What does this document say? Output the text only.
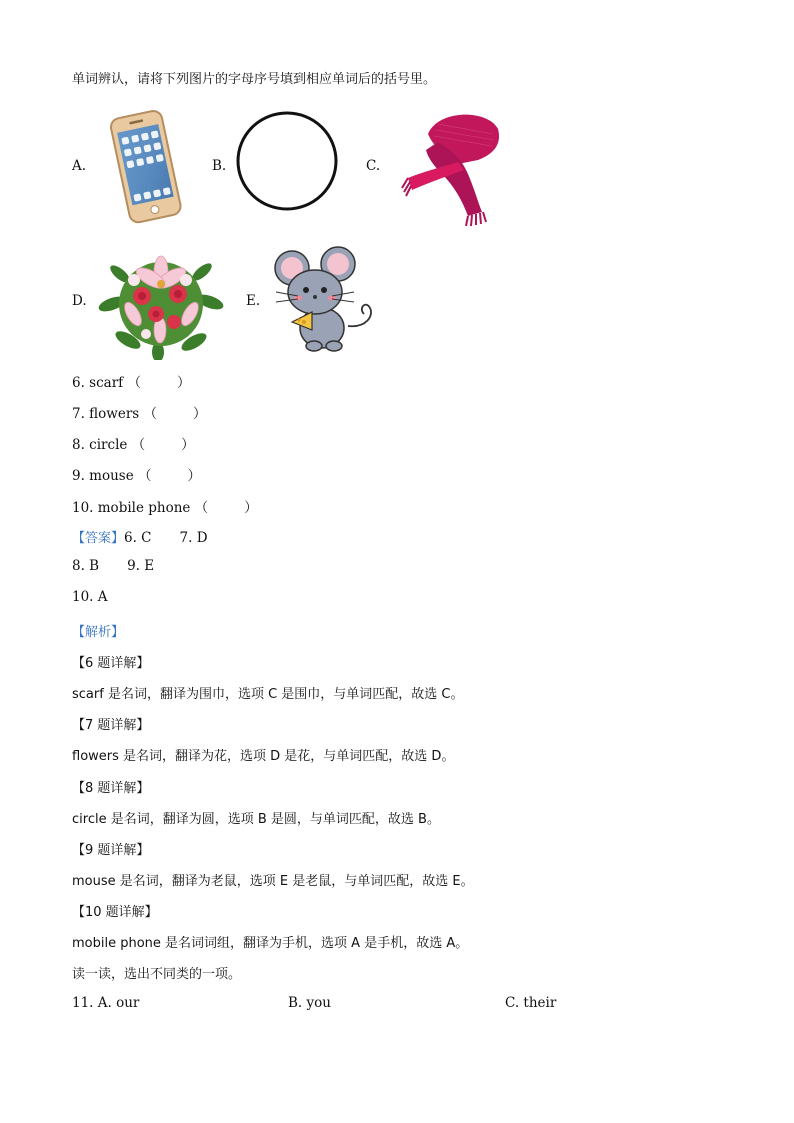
单词辨认，请将下列图片的字母序号填到相应单词后的括号里。
A.	B.	C.
D.	E.
6. scarf （	）
7. flowers （	）
8. circle （	）
9. mouse （	）
10. mobile phone （	）
【答案】6. C 7. D
8. B 9. E
10. A
【解析】
【6 题详解】
scarf 是名词，翻译为围巾，选项 C 是围巾，与单词匹配，故选 C。
【7 题详解】
flowers 是名词，翻译为花，选项 D 是花，与单词匹配，故选 D。
【8 题详解】
circle 是名词，翻译为圆，选项 B 是圆，与单词匹配，故选 B。
【9 题详解】
mouse 是名词，翻译为老鼠，选项 E 是老鼠，与单词匹配，故选 E。
【10 题详解】
mobile phone 是名词词组，翻译为手机，选项 A 是手机，故选 A。
读一读，选出不同类的一项。
11. A. our	B. you	C. their
